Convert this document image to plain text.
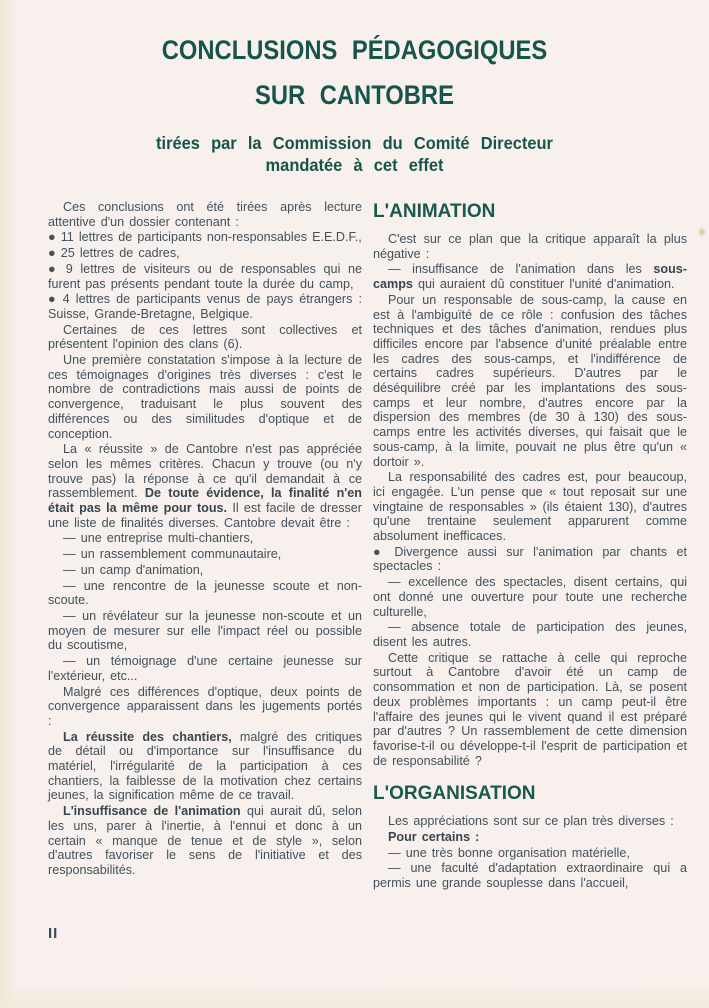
CONCLUSIONS PÉDAGOGIQUES
SUR CANTOBRE
tirées par la Commission du Comité Directeur
mandatée à cet effet
Ces conclusions ont été tirées après lecture attentive d'un dossier contenant :
● 11 lettres de participants non-responsables E.E.D.F.,
● 25 lettres de cadres,
● 9 lettres de visiteurs ou de responsables qui ne furent pas présents pendant toute la durée du camp,
● 4 lettres de participants venus de pays étrangers : Suisse, Grande-Bretagne, Belgique.
Certaines de ces lettres sont collectives et présentent l'opinion des clans (6).
Une première constatation s'impose à la lecture de ces témoignages d'origines très diverses : c'est le nombre de contradictions mais aussi de points de convergence, traduisant le plus souvent des différences ou des similitudes d'optique et de conception.
La « réussite » de Cantobre n'est pas appréciée selon les mêmes critères. Chacun y trouve (ou n'y trouve pas) la réponse à ce qu'il demandait à ce rassemblement. De toute évidence, la finalité n'en était pas la même pour tous. Il est facile de dresser une liste de finalités diverses. Cantobre devait être :
— une entreprise multi-chantiers,
— un rassemblement communautaire,
— un camp d'animation,
— une rencontre de la jeunesse scoute et non-scoute.
— un révélateur sur la jeunesse non-scoute et un moyen de mesurer sur elle l'impact réel ou possible du scoutisme,
— un témoignage d'une certaine jeunesse sur l'extérieur, etc...
Malgré ces différences d'optique, deux points de convergence apparaissent dans les jugements portés :
La réussite des chantiers, malgré des critiques de détail ou d'importance sur l'insuffisance du matériel, l'irrégularité de la participation à ces chantiers, la faiblesse de la motivation chez certains jeunes, la signification même de ce travail.
L'insuffisance de l'animation qui aurait dû, selon les uns, parer à l'inertie, à l'ennui et donc à un certain « manque de tenue et de style », selon d'autres favoriser le sens de l'initiative et des responsabilités.
L'ANIMATION
C'est sur ce plan que la critique apparaît la plus négative :
— insuffisance de l'animation dans les sous-camps qui auraient dû constituer l'unité d'animation.
Pour un responsable de sous-camp, la cause en est à l'ambiguïté de ce rôle : confusion des tâches techniques et des tâches d'animation, rendues plus difficiles encore par l'absence d'unité préalable entre les cadres des sous-camps, et l'indifférence de certains cadres supérieurs. D'autres par le déséquilibre créé par les implantations des sous-camps et leur nombre, d'autres encore par la dispersion des membres (de 30 à 130) des sous-camps entre les activités diverses, qui faisait que le sous-camp, à la limite, pouvait ne plus être qu'un « dortoir ».
La responsabilité des cadres est, pour beaucoup, ici engagée. L'un pense que « tout reposait sur une vingtaine de responsables » (ils étaient 130), d'autres qu'une trentaine seulement apparurent comme absolument inefficaces.
● Divergence aussi sur l'animation par chants et spectacles :
— excellence des spectacles, disent certains, qui ont donné une ouverture pour toute une recherche culturelle,
— absence totale de participation des jeunes, disent les autres.
Cette critique se rattache à celle qui reproche surtout à Cantobre d'avoir été un camp de consommation et non de participation. Là, se posent deux problèmes importants : un camp peut-il être l'affaire des jeunes qui le vivent quand il est préparé par d'autres ? Un rassemblement de cette dimension favorise-t-il ou développe-t-il l'esprit de participation et de responsabilité ?
L'ORGANISATION
Les appréciations sont sur ce plan très diverses :
Pour certains :
— une très bonne organisation matérielle,
— une faculté d'adaptation extraordinaire qui a permis une grande souplesse dans l'accueil,
II
